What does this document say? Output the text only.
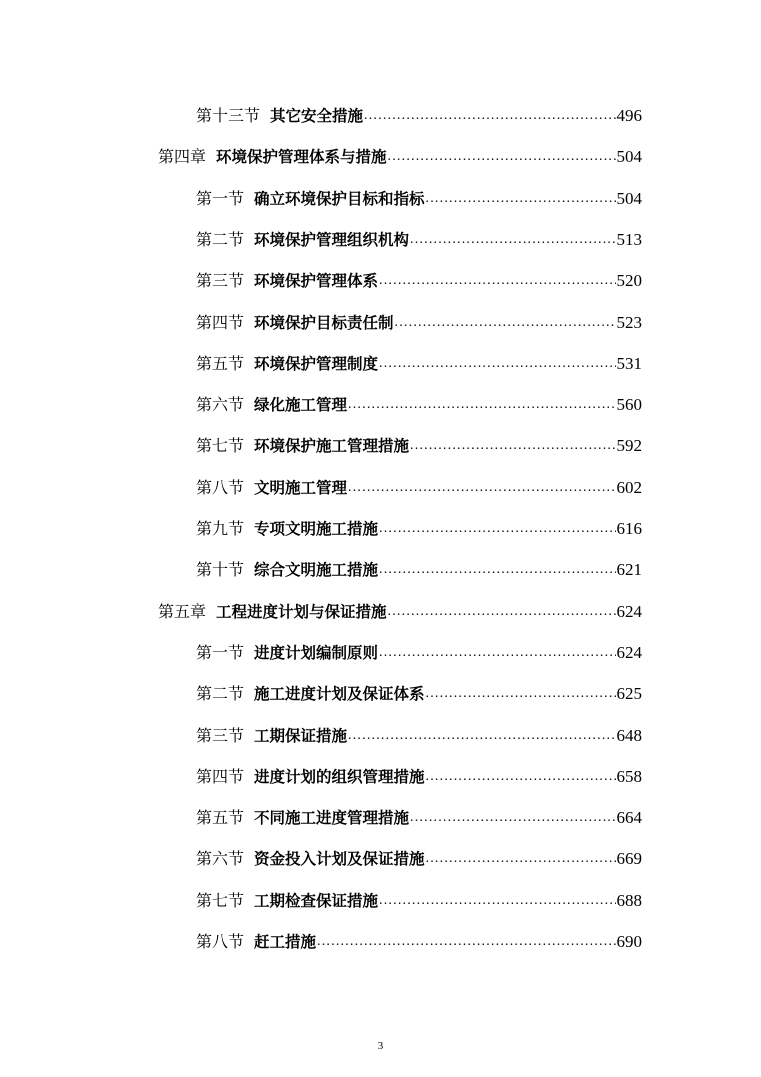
第十三节 其它安全措施 .....	496
第四章 环境保护管理体系与措施 .....	504
第一节 确立环境保护目标和指标 .....	504
第二节 环境保护管理组织机构 .....	513
第三节 环境保护管理体系 .....	520
第四节 环境保护目标责任制 .....	523
第五节 环境保护管理制度 .....	531
第六节 绿化施工管理 .....	560
第七节 环境保护施工管理措施 .....	592
第八节 文明施工管理 .....	602
第九节 专项文明施工措施 .....	616
第十节 综合文明施工措施 .....	621
第五章 工程进度计划与保证措施 .....	624
第一节 进度计划编制原则 .....	624
第二节 施工进度计划及保证体系 .....	625
第三节 工期保证措施 .....	648
第四节 进度计划的组织管理措施 .....	658
第五节 不同施工进度管理措施 .....	664
第六节 资金投入计划及保证措施 .....	669
第七节 工期检查保证措施 .....	688
第八节 赶工措施 .....	690
3
